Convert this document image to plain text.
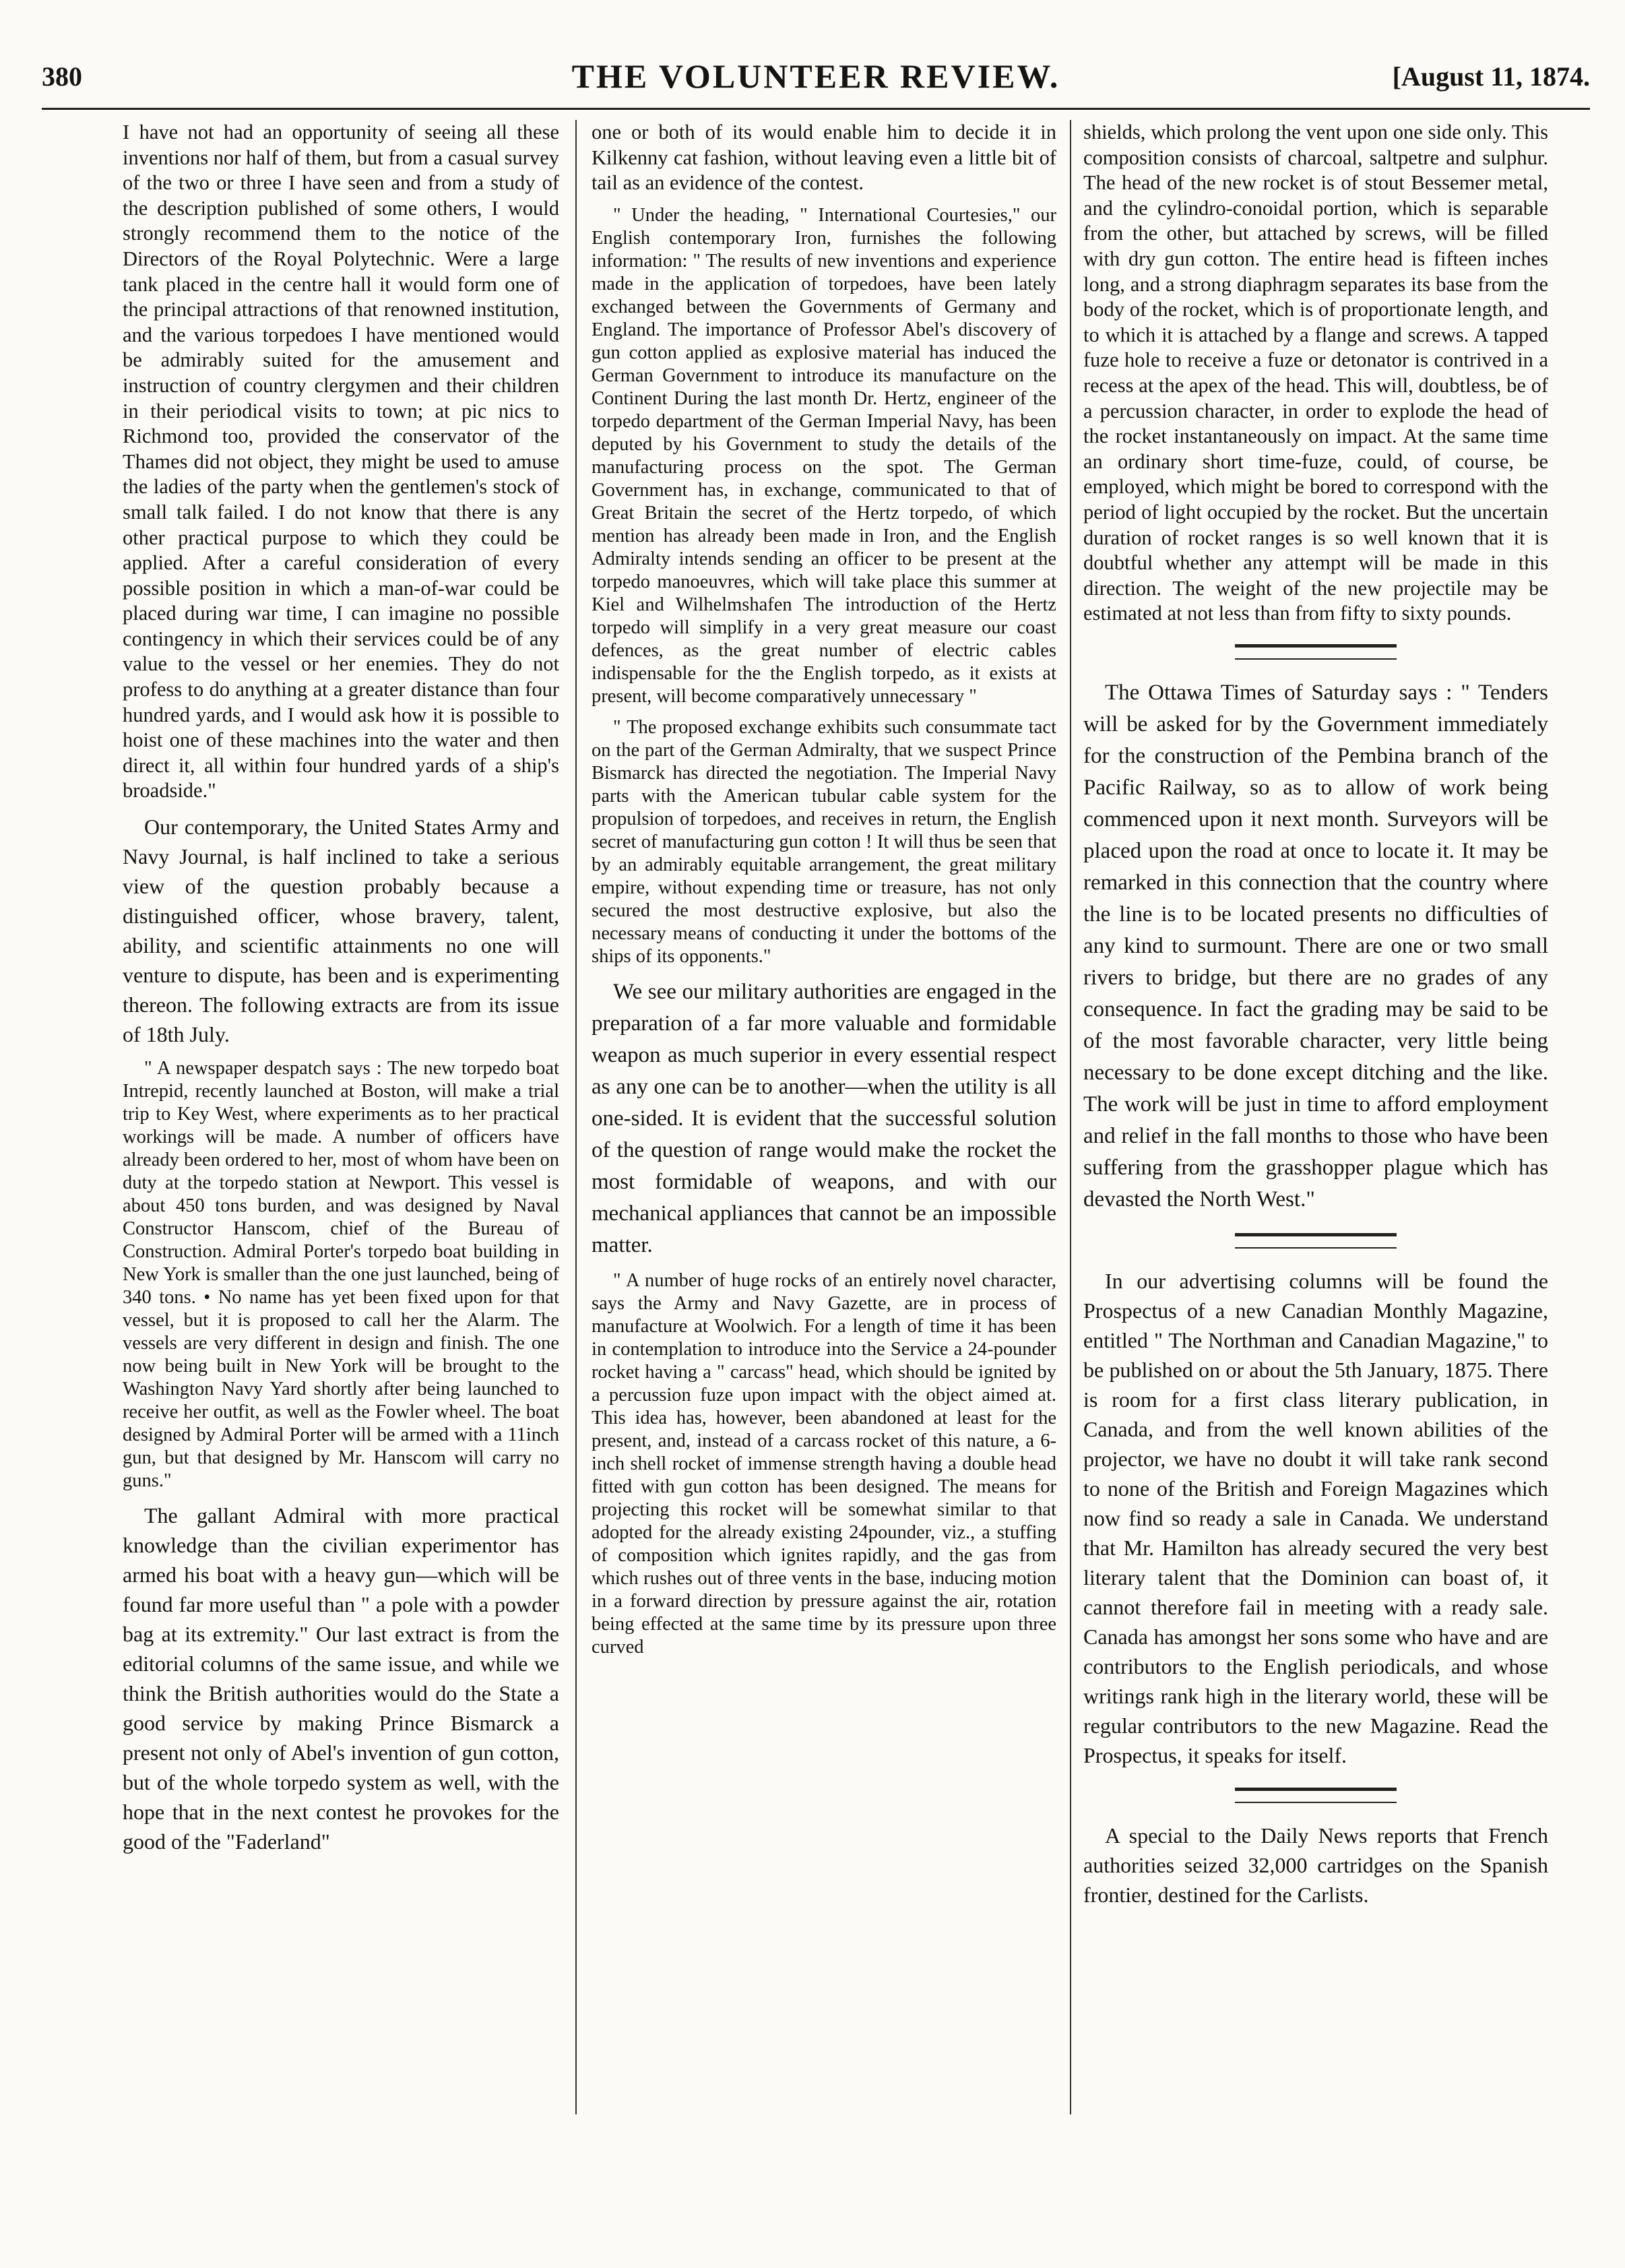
380	THE VOLUNTEER REVIEW.	[August 11, 1874.

I have not had an opportunity of seeing all these inventions nor half of them, but from a casual survey of the two or three I have seen and from a study of the description published of some others, I would strongly recommend them to the notice of the Directors of the Royal Polytechnic. Were a large tank placed in the centre hall it would form one of the principal attractions of that renowned institution, and the various torpedoes I have mentioned would be admirably suited for the amusement and instruction of country clergymen and their children in their periodical visits to town; at pic nics to Richmond too, provided the conservator of the Thames did not object, they might be used to amuse the ladies of the party when the gentlemen's stock of small talk failed. I do not know that there is any other practical purpose to which they could be applied. After a careful consideration of every possible position in which a man-of-war could be placed during war time, I can imagine no possible contingency in which their services could be of any value to the vessel or her enemies. They do not profess to do anything at a greater distance than four hundred yards, and I would ask how it is possible to hoist one of these machines into the water and then direct it, all within four hundred yards of a ship's broadside."

Our contemporary, the United States Army and Navy Journal, is half inclined to take a serious view of the question probably because a distinguished officer, whose bravery, talent, ability, and scientific attainments no one will venture to dispute, has been and is experimenting thereon. The following extracts are from its issue of 18th July.

" A newspaper despatch says : The new torpedo boat Intrepid, recently launched at Boston, will make a trial trip to Key West, where experiments as to her practical workings will be made. A number of officers have already been ordered to her, most of whom have been on duty at the torpedo station at Newport. This vessel is about 450 tons burden, and was designed by Naval Constructor Hanscom, chief of the Bureau of Construction. Admiral Porter's torpedo boat building in New York is smaller than the one just launched, being of 340 tons. • No name has yet been fixed upon for that vessel, but it is proposed to call her the Alarm. The vessels are very different in design and finish. The one now being built in New York will be brought to the Washington Navy Yard shortly after being launched to receive her outfit, as well as the Fowler wheel. The boat designed by Admiral Porter will be armed with a 11inch gun, but that designed by Mr. Hanscom will carry no guns."

The gallant Admiral with more practical knowledge than the civilian experimentor has armed his boat with a heavy gun—which will be found far more useful than " a pole with a powder bag at its extremity." Our last extract is from the editorial columns of the same issue, and while we think the British authorities would do the State a good service by making Prince Bismarck a present not only of Abel's invention of gun cotton, but of the whole torpedo system as well, with the hope that in the next contest he provokes for the good of the "Faderland"

one or both of its would enable him to decide it in Kilkenny cat fashion, without leaving even a little bit of tail as an evidence of the contest.

" Under the heading, " International Courtesies," our English contemporary Iron, furnishes the following information: " The results of new inventions and experience made in the application of torpedoes, have been lately exchanged between the Governments of Germany and England. The importance of Professor Abel's discovery of gun cotton applied as explosive material has induced the German Government to introduce its manufacture on the Continent During the last month Dr. Hertz, engineer of the torpedo department of the German Imperial Navy, has been deputed by his Government to study the details of the manufacturing process on the spot. The German Government has, in exchange, communicated to that of Great Britain the secret of the Hertz torpedo, of which mention has already been made in Iron, and the English Admiralty intends sending an officer to be present at the torpedo manoeuvres, which will take place this summer at Kiel and Wilhelmshafen The introduction of the Hertz torpedo will simplify in a very great measure our coast defences, as the great number of electric cables indispensable for the the English torpedo, as it exists at present, will become comparatively unnecessary "

" The proposed exchange exhibits such consummate tact on the part of the German Admiralty, that we suspect Prince Bismarck has directed the negotiation. The Imperial Navy parts with the American tubular cable system for the propulsion of torpedoes, and receives in return, the English secret of manufacturing gun cotton ! It will thus be seen that by an admirably equitable arrangement, the great military empire, without expending time or treasure, has not only secured the most destructive explosive, but also the necessary means of conducting it under the bottoms of the ships of its opponents."

We see our military authorities are engaged in the preparation of a far more valuable and formidable weapon as much superior in every essential respect as any one can be to another—when the utility is all one-sided. It is evident that the successful solution of the question of range would make the rocket the most formidable of weapons, and with our mechanical appliances that cannot be an impossible matter.

" A number of huge rocks of an entirely novel character, says the Army and Navy Gazette, are in process of manufacture at Woolwich. For a length of time it has been in contemplation to introduce into the Service a 24-pounder rocket having a " carcass" head, which should be ignited by a percussion fuze upon impact with the object aimed at. This idea has, however, been abandoned at least for the present, and, instead of a carcass rocket of this nature, a 6-inch shell rocket of immense strength having a double head fitted with gun cotton has been designed. The means for projecting this rocket will be somewhat similar to that adopted for the already existing 24pounder, viz., a stuffing of composition which ignites rapidly, and the gas from which rushes out of three vents in the base, inducing motion in a forward direction by pressure against the air, rotation being effected at the same time by its pressure upon three curved

shields, which prolong the vent upon one side only. This composition consists of charcoal, saltpetre and sulphur. The head of the new rocket is of stout Bessemer metal, and the cylindro-conoidal portion, which is separable from the other, but attached by screws, will be filled with dry gun cotton. The entire head is fifteen inches long, and a strong diaphragm separates its base from the body of the rocket, which is of proportionate length, and to which it is attached by a flange and screws. A tapped fuze hole to receive a fuze or detonator is contrived in a recess at the apex of the head. This will, doubtless, be of a percussion character, in order to explode the head of the rocket instantaneously on impact. At the same time an ordinary short time-fuze, could, of course, be employed, which might be bored to correspond with the period of light occupied by the rocket. But the uncertain duration of rocket ranges is so well known that it is doubtful whether any attempt will be made in this direction. The weight of the new projectile may be estimated at not less than from fifty to sixty pounds.

The Ottawa Times of Saturday says : " Tenders will be asked for by the Government immediately for the construction of the Pembina branch of the Pacific Railway, so as to allow of work being commenced upon it next month. Surveyors will be placed upon the road at once to locate it. It may be remarked in this connection that the country where the line is to be located presents no difficulties of any kind to surmount. There are one or two small rivers to bridge, but there are no grades of any consequence. In fact the grading may be said to be of the most favorable character, very little being necessary to be done except ditching and the like. The work will be just in time to afford employment and relief in the fall months to those who have been suffering from the grasshopper plague which has devasted the North West."

In our advertising columns will be found the Prospectus of a new Canadian Monthly Magazine, entitled " The Northman and Canadian Magazine," to be published on or about the 5th January, 1875. There is room for a first class literary publication, in Canada, and from the well known abilities of the projector, we have no doubt it will take rank second to none of the British and Foreign Magazines which now find so ready a sale in Canada. We understand that Mr. Hamilton has already secured the very best literary talent that the Dominion can boast of, it cannot therefore fail in meeting with a ready sale. Canada has amongst her sons some who have and are contributors to the English periodicals, and whose writings rank high in the literary world, these will be regular contributors to the new Magazine. Read the Prospectus, it speaks for itself.

A special to the Daily News reports that French authorities seized 32,000 cartridges on the Spanish frontier, destined for the Carlists.
